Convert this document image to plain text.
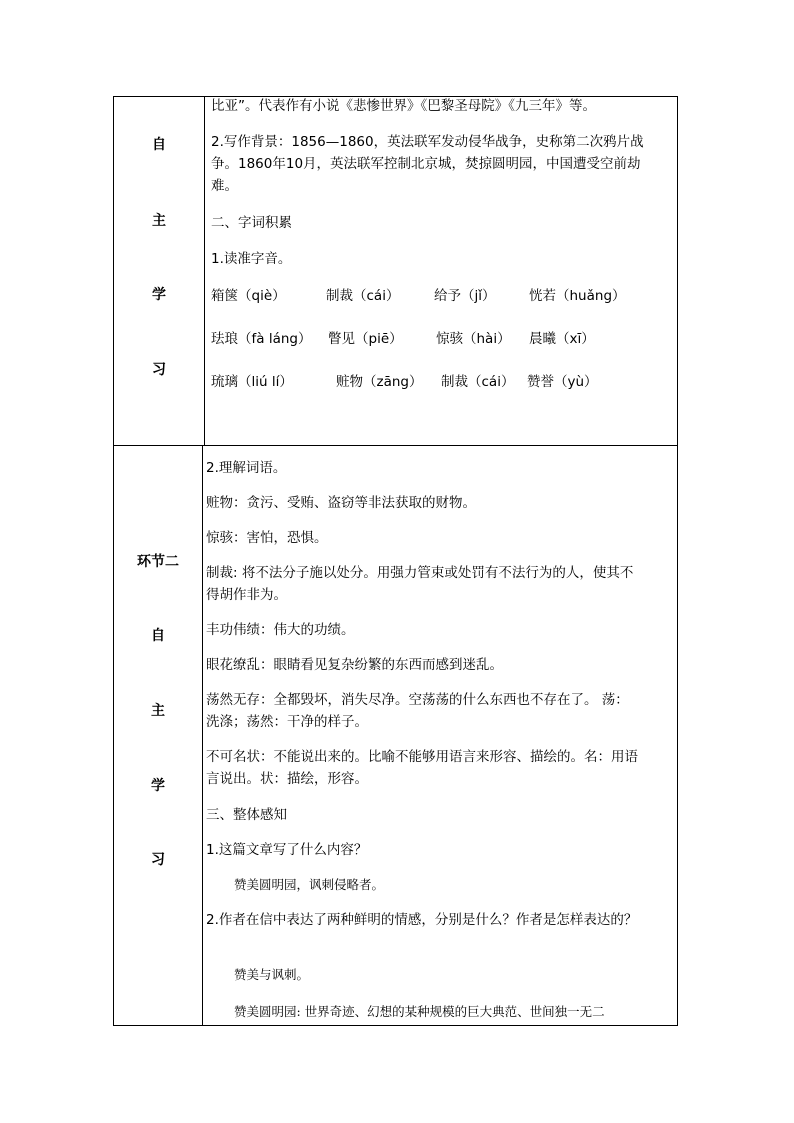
自
主
学
习
比亚”。代表作有小说《悲惨世界》《巴黎圣母院》《九三年》等。
2.写作背景：1856—1860，英法联军发动侵华战争，史称第二次鸦片战
争。1860年10月，英法联军控制北京城，焚掠圆明园，中国遭受空前劫
难。
二、字词积累
1.读准字音。
箱箧（qiè）	制裁（cái）	给予（jǐ） 恍若（huǎng）
珐琅（fà láng） 瞥见（piē） 惊骇（hài） 晨曦（xī）
琉璃（liú lí）	赃物（zāng） 制裁（cái） 赞誉（yù）
环节二
自
主
学
习
2.理解词语。
赃物：贪污、受贿、盗窃等非法获取的财物。
惊骇：害怕，恐惧。
制裁: 将不法分子施以处分。用强力管束或处罚有不法行为的人，使其不
得胡作非为。
丰功伟绩：伟大的功绩。
眼花缭乱：眼睛看见复杂纷繁的东西而感到迷乱。
荡然无存：全都毁坏，消失尽净。空荡荡的什么东西也不存在了。 荡：
洗涤；荡然：干净的样子。
不可名状：不能说出来的。比喻不能够用语言来形容、描绘的。名：用语
言说出。状：描绘，形容。
三、整体感知
1.这篇文章写了什么内容？
赞美圆明园，讽刺侵略者。
2.作者在信中表达了两种鲜明的情感，分别是什么？作者是怎样表达的？
赞美与讽刺。
赞美圆明园: 世界奇迹、幻想的某种规模的巨大典范、世间独一无二
